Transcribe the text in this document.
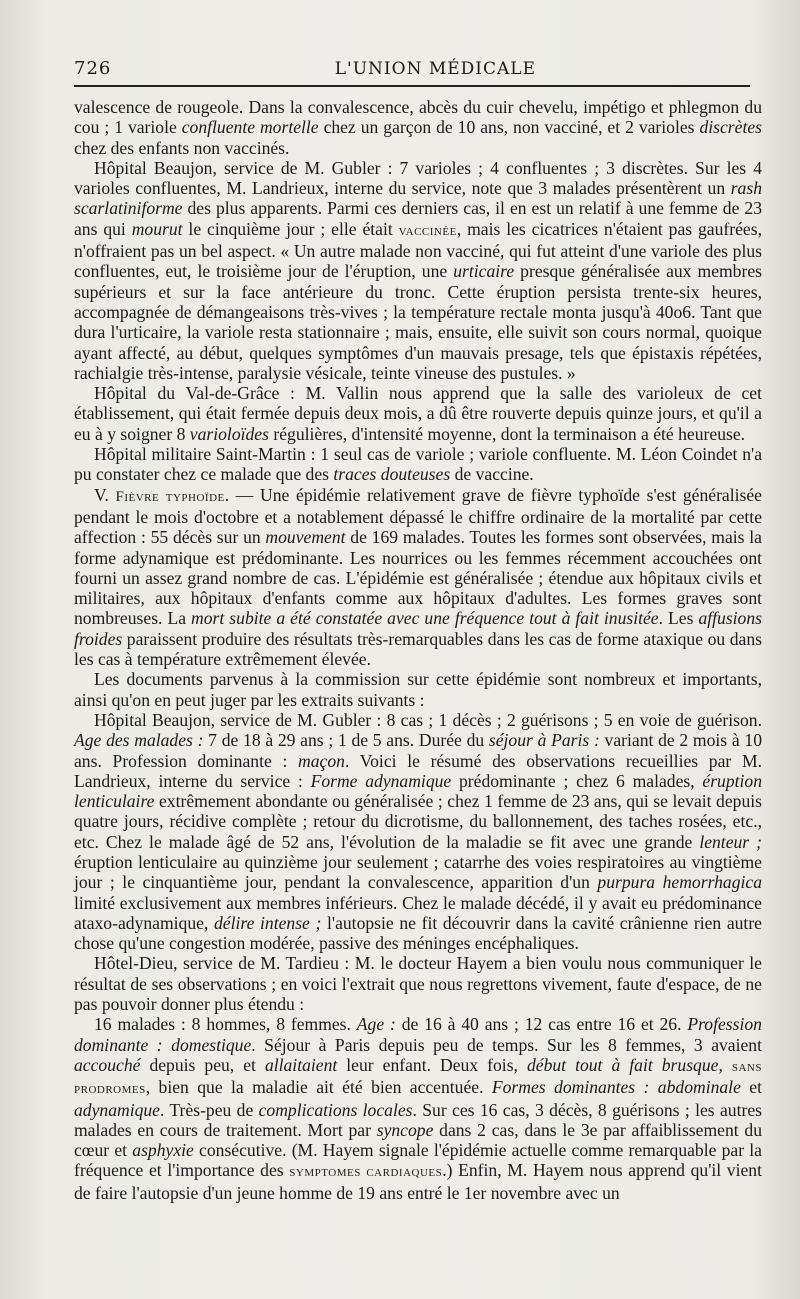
726	L'UNION MÉDICALE

valescence de rougeole. Dans la convalescence, abcès du cuir chevelu, impétigo et phlegmon du cou ; 1 variole confluente mortelle chez un garçon de 10 ans, non vacciné, et 2 varioles discrètes chez des enfants non vaccinés.

Hôpital Beaujon, service de M. Gubler : 7 varioles ; 4 confluentes ; 3 discrètes. Sur les 4 varioles confluentes, M. Landrieux, interne du service, note que 3 malades présentèrent un rash scarlatiniforme des plus apparents. Parmi ces derniers cas, il en est un relatif à une femme de 23 ans qui mourut le cinquième jour ; elle était vaccinée, mais les cicatrices n'étaient pas gaufrées, n'offraient pas un bel aspect. « Un autre malade non vacciné, qui fut atteint d'une variole des plus confluentes, eut, le troisième jour de l'éruption, une urticaire presque généralisée aux membres supérieurs et sur la face antérieure du tronc. Cette éruption persista trente-six heures, accompagnée de démangeaisons très-vives ; la température rectale monta jusqu'à 40o6. Tant que dura l'urticaire, la variole resta stationnaire ; mais, ensuite, elle suivit son cours normal, quoique ayant affecté, au début, quelques symptômes d'un mauvais presage, tels que épistaxis répétées, rachialgie très-intense, paralysie vésicale, teinte vineuse des pustules. »

Hôpital du Val-de-Grâce : M. Vallin nous apprend que la salle des varioleux de cet établissement, qui était fermée depuis deux mois, a dû être rouverte depuis quinze jours, et qu'il a eu à y soigner 8 varioloïdes régulières, d'intensité moyenne, dont la terminaison a été heureuse.

Hôpital militaire Saint-Martin : 1 seul cas de variole ; variole confluente. M. Léon Coindet n'a pu constater chez ce malade que des traces douteuses de vaccine.

V. Fièvre typhoïde. — Une épidémie relativement grave de fièvre typhoïde s'est généralisée pendant le mois d'octobre et a notablement dépassé le chiffre ordinaire de la mortalité par cette affection : 55 décès sur un mouvement de 169 malades. Toutes les formes sont observées, mais la forme adynamique est prédominante. Les nourrices ou les femmes récemment accouchées ont fourni un assez grand nombre de cas. L'épidémie est généralisée ; étendue aux hôpitaux civils et militaires, aux hôpitaux d'enfants comme aux hôpitaux d'adultes. Les formes graves sont nombreuses. La mort subite a été constatée avec une fréquence tout à fait inusitée. Les affusions froides paraissent produire des résultats très-remarquables dans les cas de forme ataxique ou dans les cas à température extrêmement élevée.

Les documents parvenus à la commission sur cette épidémie sont nombreux et importants, ainsi qu'on en peut juger par les extraits suivants :

Hôpital Beaujon, service de M. Gubler : 8 cas ; 1 décès ; 2 guérisons ; 5 en voie de guérison. Age des malades : 7 de 18 à 29 ans ; 1 de 5 ans. Durée du séjour à Paris : variant de 2 mois à 10 ans. Profession dominante : maçon. Voici le résumé des observations recueillies par M. Landrieux, interne du service : Forme adynamique prédominante ; chez 6 malades, éruption lenticulaire extrêmement abondante ou généralisée ; chez 1 femme de 23 ans, qui se levait depuis quatre jours, récidive complète ; retour du dicrotisme, du ballonnement, des taches rosées, etc., etc. Chez le malade âgé de 52 ans, l'évolution de la maladie se fit avec une grande lenteur ; éruption lenticulaire au quinzième jour seulement ; catarrhe des voies respiratoires au vingtième jour ; le cinquantième jour, pendant la convalescence, apparition d'un purpura hemorrhagica limité exclusivement aux membres inférieurs. Chez le malade décédé, il y avait eu prédominance ataxo-adynamique, délire intense ; l'autopsie ne fit découvrir dans la cavité crânienne rien autre chose qu'une congestion modérée, passive des méninges encéphaliques.

Hôtel-Dieu, service de M. Tardieu : M. le docteur Hayem a bien voulu nous communiquer le résultat de ses observations ; en voici l'extrait que nous regrettons vivement, faute d'espace, de ne pas pouvoir donner plus étendu :

16 malades : 8 hommes, 8 femmes. Age : de 16 à 40 ans ; 12 cas entre 16 et 26. Profession dominante : domestique. Séjour à Paris depuis peu de temps. Sur les 8 femmes, 3 avaient accouché depuis peu, et allaitaient leur enfant. Deux fois, début tout à fait brusque, sans prodromes, bien que la maladie ait été bien accentuée. Formes dominantes : abdominale et adynamique. Très-peu de complications locales. Sur ces 16 cas, 3 décès, 8 guérisons ; les autres malades en cours de traitement. Mort par syncope dans 2 cas, dans le 3e par affaiblissement du cœur et asphyxie consécutive. (M. Hayem signale l'épidémie actuelle comme remarquable par la fréquence et l'importance des symptomes cardiaques.) Enfin, M. Hayem nous apprend qu'il vient de faire l'autopsie d'un jeune homme de 19 ans entré le 1er novembre avec un
